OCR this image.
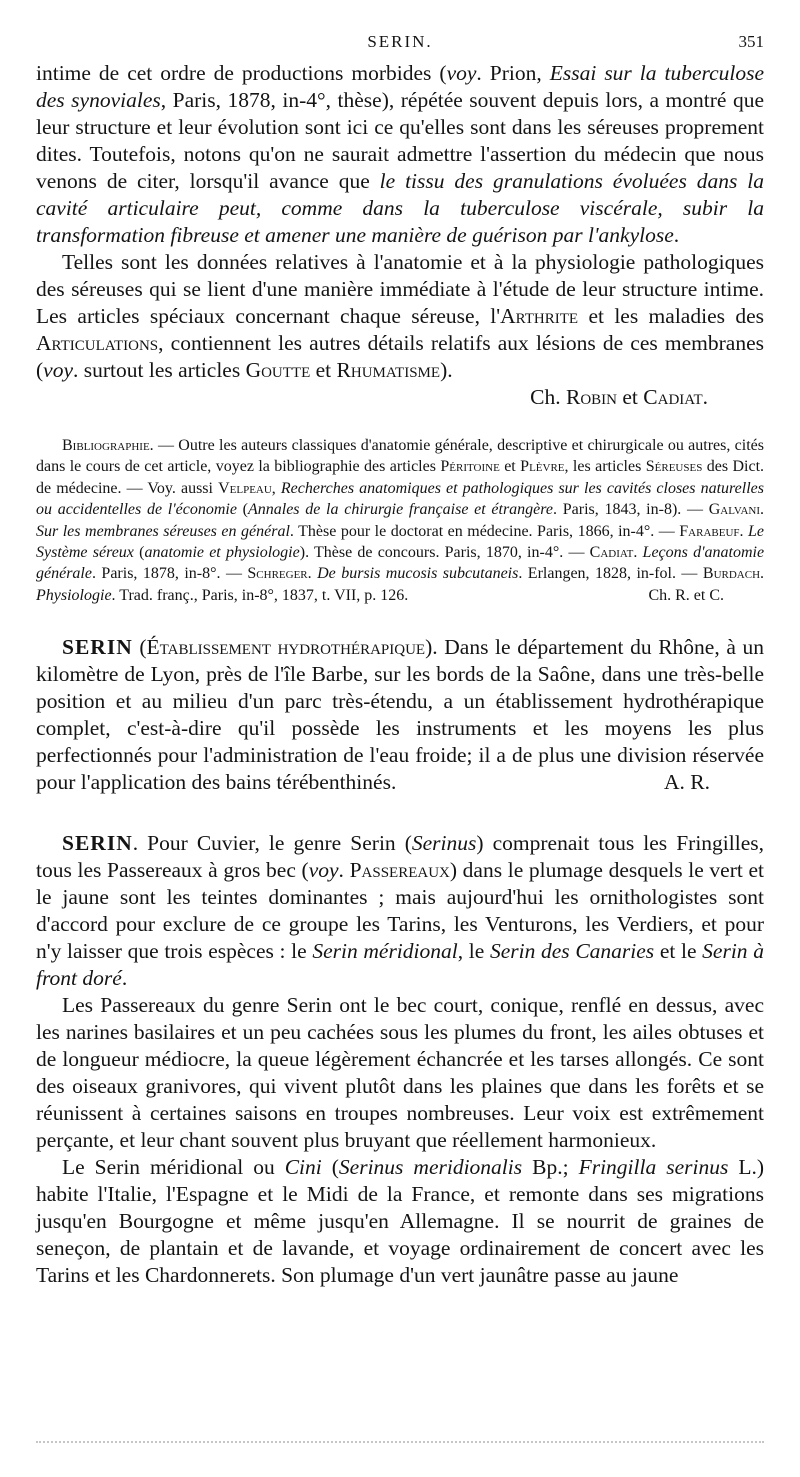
SERIN.	351

intime de cet ordre de productions morbides (voy. Prion, Essai sur la tuberculose des synoviales, Paris, 1878, in-4°, thèse), répétée souvent depuis lors, a montré que leur structure et leur évolution sont ici ce qu'elles sont dans les séreuses proprement dites. Toutefois, notons qu'on ne saurait admettre l'assertion du médecin que nous venons de citer, lorsqu'il avance que le tissu des granulations évoluées dans la cavité articulaire peut, comme dans la tuberculose viscérale, subir la transformation fibreuse et amener une manière de guérison par l'ankylose.

Telles sont les données relatives à l'anatomie et à la physiologie pathologiques des séreuses qui se lient d'une manière immédiate à l'étude de leur structure intime. Les articles spéciaux concernant chaque séreuse, l'Arthrite et les maladies des Articulations, contiennent les autres détails relatifs aux lésions de ces membranes (voy. surtout les articles Goutte et Rhumatisme).

Ch. Robin et Cadiat.

Bibliographie. — Outre les auteurs classiques d'anatomie générale, descriptive et chirurgicale ou autres, cités dans le cours de cet article, voyez la bibliographie des articles Péritoine et Plèvre, les articles Séreuses des Dict. de médecine. — Voy. aussi Velpeau, Recherches anatomiques et pathologiques sur les cavités closes naturelles ou accidentelles de l'économie (Annales de la chirurgie française et étrangère. Paris, 1843, in-8). — Galvani. Sur les membranes séreuses en général. Thèse pour le doctorat en médecine. Paris, 1866, in-4°. — Farabeuf. Le Système séreux (anatomie et physiologie). Thèse de concours. Paris, 1870, in-4°. — Cadiat. Leçons d'anatomie générale. Paris, 1878, in-8°. — Schreger. De bursis mucosis subcutaneis. Erlangen, 1828, in-fol. — Burdach. Physiologie. Trad. franç., Paris, in-8°, 1837, t. VII, p. 126.	Ch. R. et C.

SERIN (Établissement hydrothérapique). Dans le département du Rhône, à un kilomètre de Lyon, près de l'île Barbe, sur les bords de la Saône, dans une très-belle position et au milieu d'un parc très-étendu, a un établissement hydrothérapique complet, c'est-à-dire qu'il possède les instruments et les moyens les plus perfectionnés pour l'administration de l'eau froide; il a de plus une division réservée pour l'application des bains térébenthinés.	A. R.

SERIN. Pour Cuvier, le genre Serin (Serinus) comprenait tous les Fringilles, tous les Passereaux à gros bec (voy. Passereaux) dans le plumage desquels le vert et le jaune sont les teintes dominantes ; mais aujourd'hui les ornithologistes sont d'accord pour exclure de ce groupe les Tarins, les Venturons, les Verdiers, et pour n'y laisser que trois espèces : le Serin méridional, le Serin des Canaries et le Serin à front doré.

Les Passereaux du genre Serin ont le bec court, conique, renflé en dessus, avec les narines basilaires et un peu cachées sous les plumes du front, les ailes obtuses et de longueur médiocre, la queue légèrement échancrée et les tarses allongés. Ce sont des oiseaux granivores, qui vivent plutôt dans les plaines que dans les forêts et se réunissent à certaines saisons en troupes nombreuses. Leur voix est extrêmement perçante, et leur chant souvent plus bruyant que réellement harmonieux.

Le Serin méridional ou Cini (Serinus meridionalis Bp.; Fringilla serinus L.) habite l'Italie, l'Espagne et le Midi de la France, et remonte dans ses migrations jusqu'en Bourgogne et même jusqu'en Allemagne. Il se nourrit de graines de seneçon, de plantain et de lavande, et voyage ordinairement de concert avec les Tarins et les Chardonnerets. Son plumage d'un vert jaunâtre passe au jaune
